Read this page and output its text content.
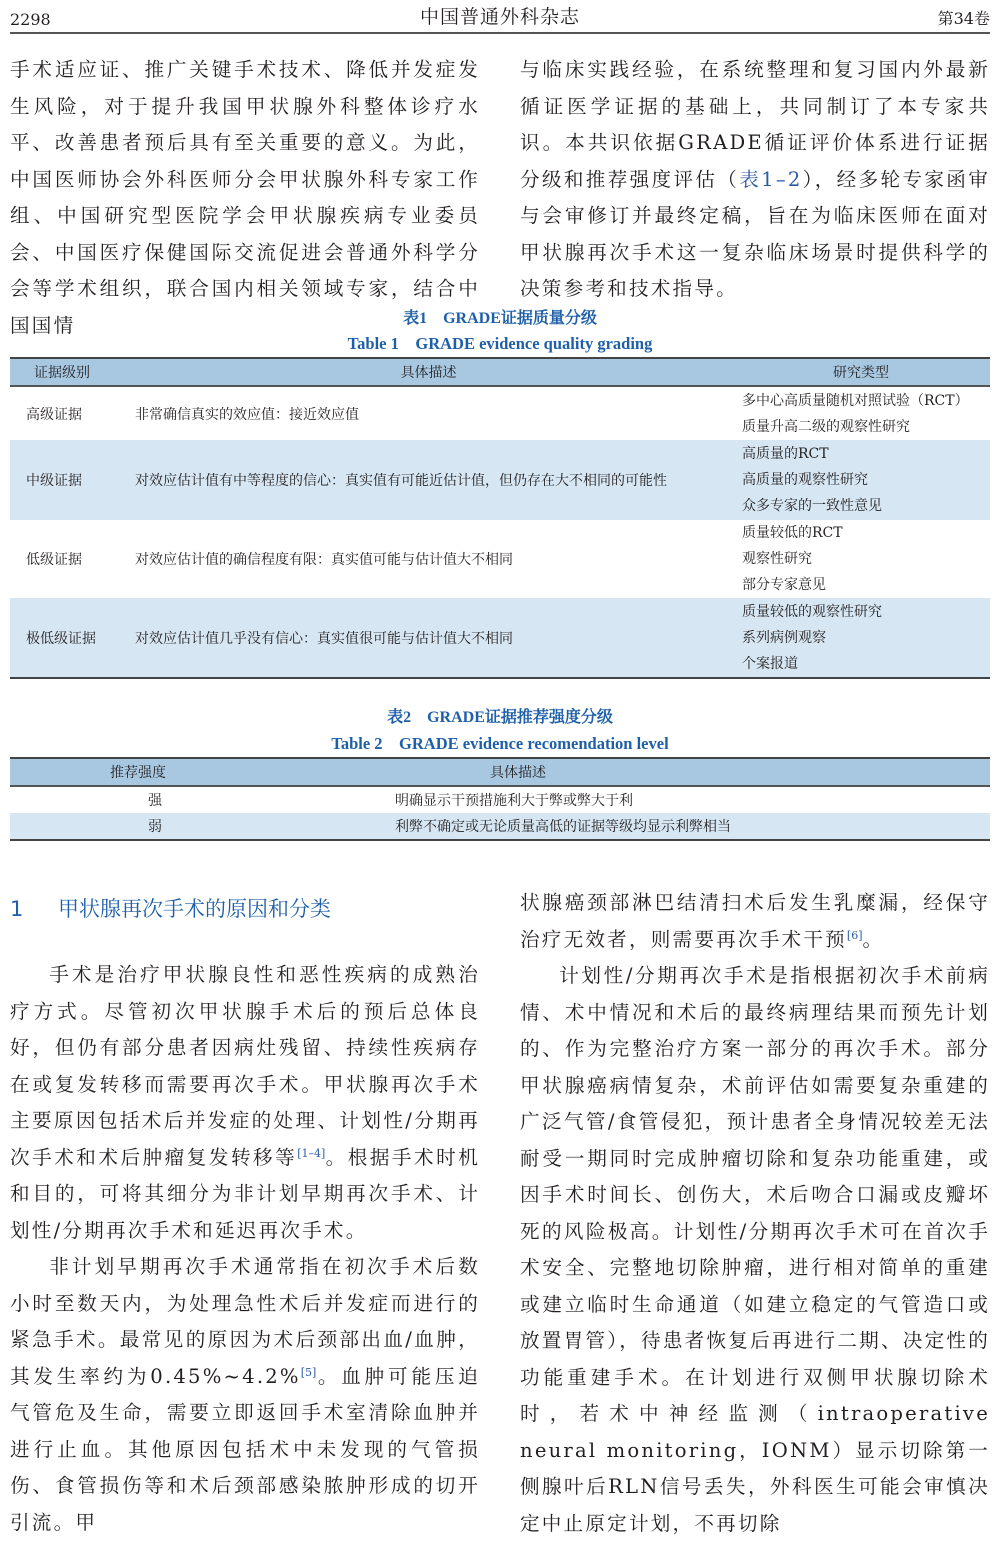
2298	中国普通外科杂志	第34卷

手术适应证、推广关键手术技术、降低并发症发生风险，对于提升我国甲状腺外科整体诊疗水平、改善患者预后具有至关重要的意义。为此，中国医师协会外科医师分会甲状腺外科专家工作组、中国研究型医院学会甲状腺疾病专业委员会、中国医疗保健国际交流促进会普通外科学分会等学术组织，联合国内相关领域专家，结合中国国情

与临床实践经验，在系统整理和复习国内外最新循证医学证据的基础上，共同制订了本专家共识。本共识依据GRADE循证评价体系进行证据分级和推荐强度评估（表1–2），经多轮专家函审与会审修订并最终定稿，旨在为临床医师在面对甲状腺再次手术这一复杂临床场景时提供科学的决策参考和技术指导。

表1　GRADE证据质量分级
Table 1　GRADE evidence quality grading
证据级别	具体描述	研究类型
高级证据	非常确信真实的效应值：接近效应值	多中心高质量随机对照试验（RCT）
质量升高二级的观察性研究

中级证据	对效应估计值有中等程度的信心：真实值有可能近估计值，但仍存在大不相同的可能性	高质量的RCT
高质量的观察性研究
众多专家的一致性意见

低级证据	对效应估计值的确信程度有限：真实值可能与估计值大不相同	质量较低的RCT
观察性研究
部分专家意见

极低级证据	对效应估计值几乎没有信心：真实值很可能与估计值大不相同	质量较低的观察性研究
系列病例观察
个案报道
表2　GRADE证据推荐强度分级
Table 2　GRADE evidence recomendation level
推荐强度	具体描述
强	明确显示干预措施利大于弊或弊大于利
弱	利弊不确定或无论质量高低的证据等级均显示利弊相当
1 甲状腺再次手术的原因和分类

手术是治疗甲状腺良性和恶性疾病的成熟治疗方式。尽管初次甲状腺手术后的预后总体良好，但仍有部分患者因病灶残留、持续性疾病存在或复发转移而需要再次手术。甲状腺再次手术主要原因包括术后并发症的处理、计划性/分期再次手术和术后肿瘤复发转移等[1–4]。根据手术时机和目的，可将其细分为非计划早期再次手术、计划性/分期再次手术和延迟再次手术。

非计划早期再次手术通常指在初次手术后数小时至数天内，为处理急性术后并发症而进行的紧急手术。最常见的原因为术后颈部出血/血肿，其发生率约为0.45%~4.2%[5]。血肿可能压迫气管危及生命，需要立即返回手术室清除血肿并进行止血。其他原因包括术中未发现的气管损伤、食管损伤等和术后颈部感染脓肿形成的切开引流。甲

状腺癌颈部淋巴结清扫术后发生乳糜漏，经保守治疗无效者，则需要再次手术干预[6]。

计划性/分期再次手术是指根据初次手术前病情、术中情况和术后的最终病理结果而预先计划的、作为完整治疗方案一部分的再次手术。部分甲状腺癌病情复杂，术前评估如需要复杂重建的广泛气管/食管侵犯，预计患者全身情况较差无法耐受一期同时完成肿瘤切除和复杂功能重建，或因手术时间长、创伤大，术后吻合口漏或皮瓣坏死的风险极高。计划性/分期再次手术可在首次手术安全、完整地切除肿瘤，进行相对简单的重建或建立临时生命通道（如建立稳定的气管造口或放置胃管），待患者恢复后再进行二期、决定性的功能重建手术。在计划进行双侧甲状腺切除术时，若术中神经监测（intraoperative neural monitoring，IONM）显示切除第一侧腺叶后RLN信号丢失，外科医生可能会审慎决定中止原定计划，不再切除
